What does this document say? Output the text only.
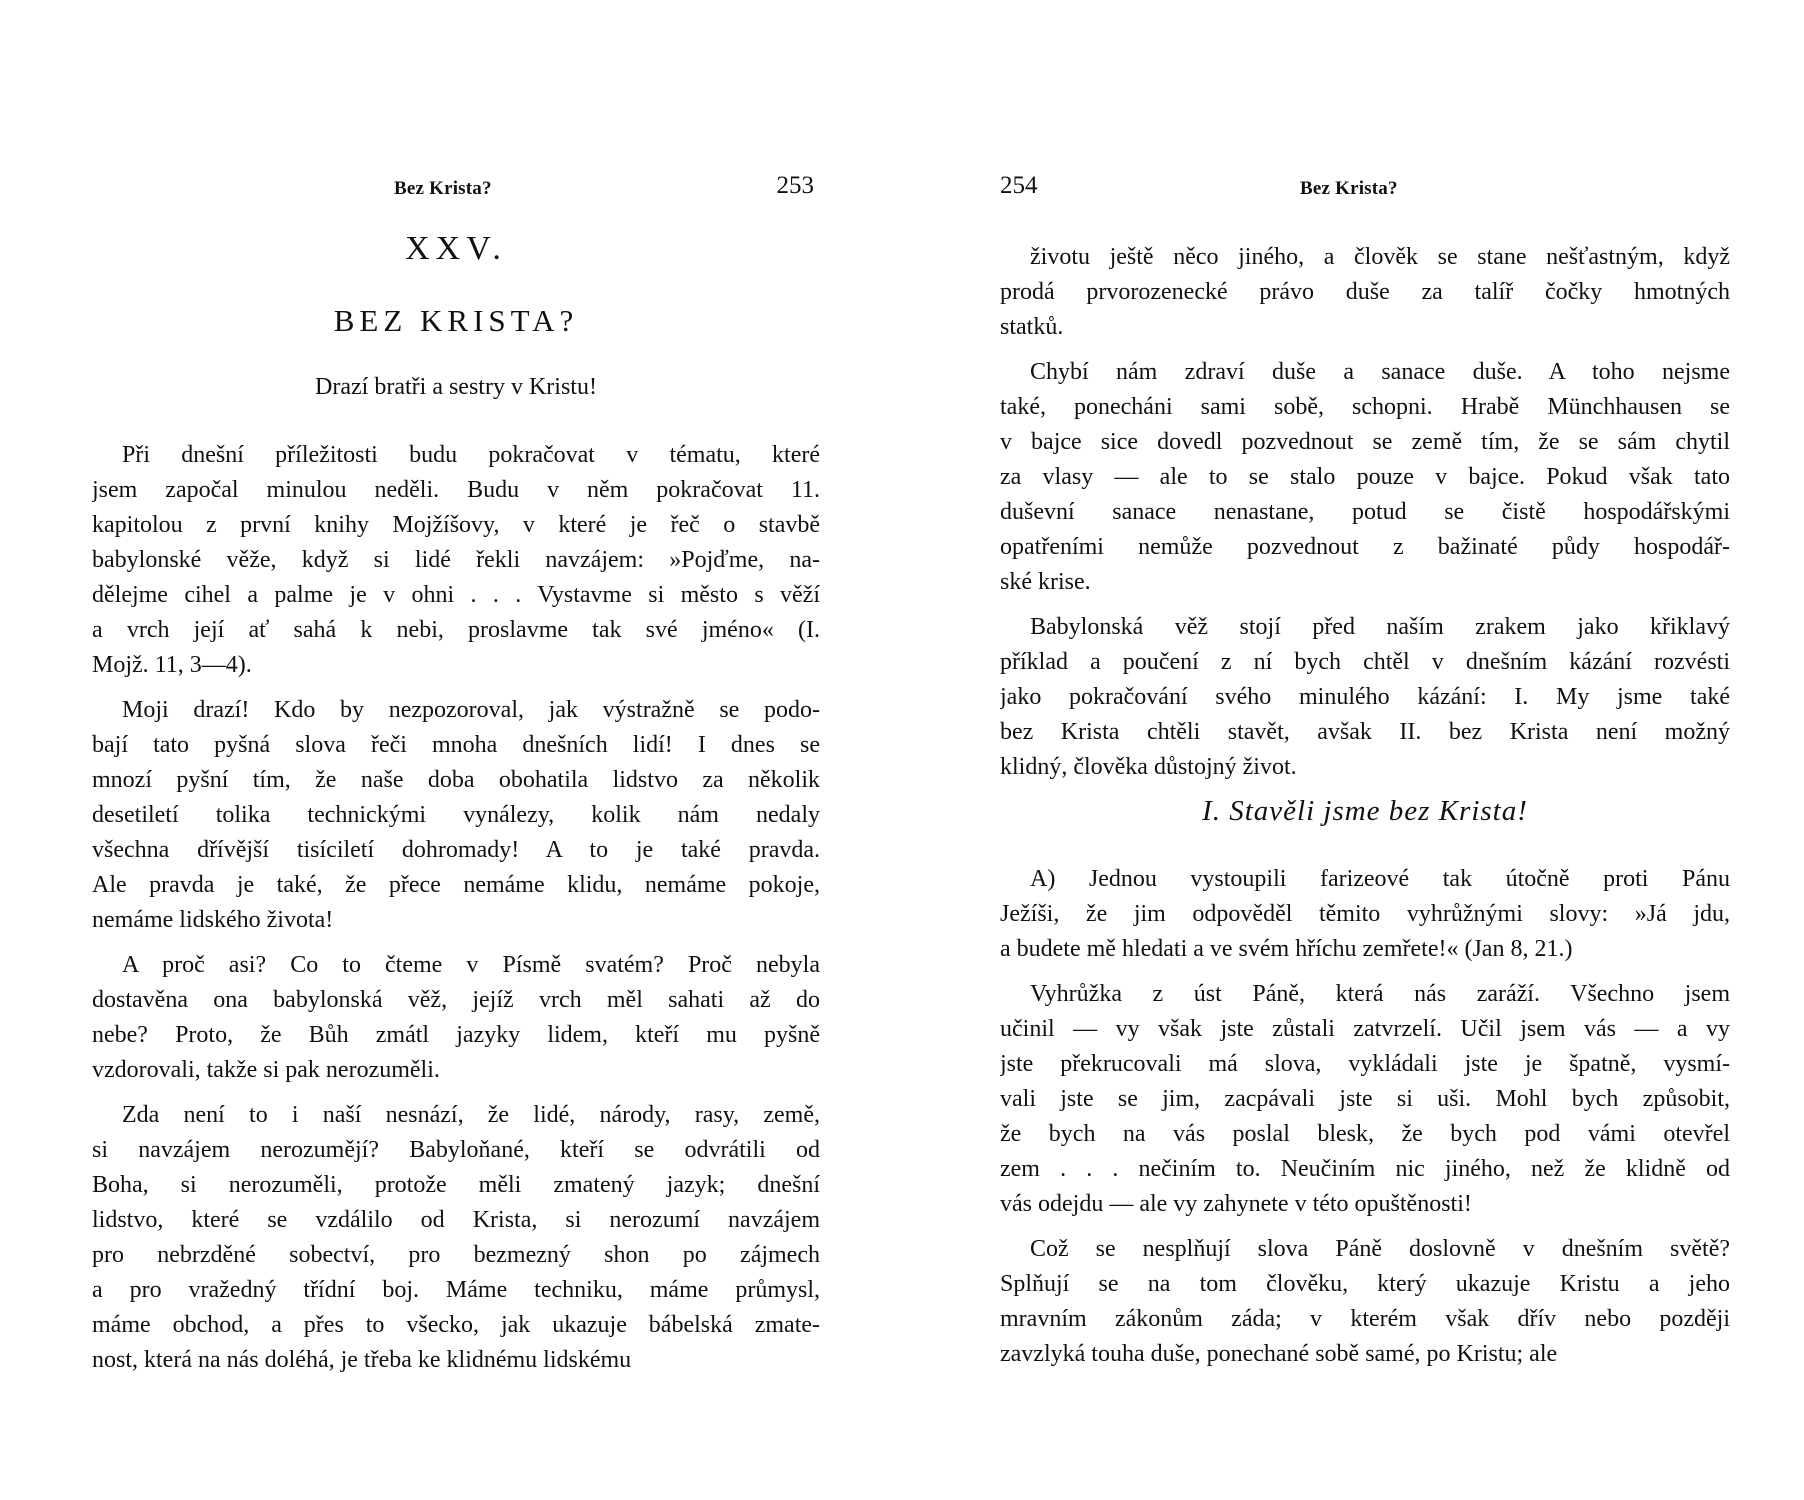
Bez Krista?	253
XXV.
BEZ KRISTA?
Drazí bratři a sestry v Kristu!
Při dnešní příležitosti budu pokračovat v tématu, které
jsem započal minulou neděli. Budu v něm pokračovat 11.
kapitolou z první knihy Mojžíšovy, v které je řeč o stavbě
babylonské věže, když si lidé řekli navzájem: »Pojďme, na-
dělejme cihel a palme je v ohni . . . Vystavme si město s věží
a vrch její ať sahá k nebi, proslavme tak své jméno« (I.
Mojž. 11, 3—4).
Moji drazí! Kdo by nezpozoroval, jak výstražně se podo-
bají tato pyšná slova řeči mnoha dnešních lidí! I dnes se
mnozí pyšní tím, že naše doba obohatila lidstvo za několik
desetiletí tolika technickými vynálezy, kolik nám nedaly
všechna dřívější tisíciletí dohromady! A to je také pravda.
Ale pravda je také, že přece nemáme klidu, nemáme pokoje,
nemáme lidského života!
A proč asi? Co to čteme v Písmě svatém? Proč nebyla
dostavěna ona babylonská věž, jejíž vrch měl sahati až do
nebe? Proto, že Bůh zmátl jazyky lidem, kteří mu pyšně
vzdorovali, takže si pak nerozuměli.
Zda není to i naší nesnází, že lidé, národy, rasy, země,
si navzájem nerozumějí? Babyloňané, kteří se odvrátili od
Boha, si nerozuměli, protože měli zmatený jazyk; dnešní
lidstvo, které se vzdálilo od Krista, si nerozumí navzájem
pro nebrzděné sobectví, pro bezmezný shon po zájmech
a pro vražedný třídní boj. Máme techniku, máme průmysl,
máme obchod, a přes to všecko, jak ukazuje bábelská zmate-
nost, která na nás doléhá, je třeba ke klidnému lidskému
254	Bez Krista?
životu ještě něco jiného, a člověk se stane nešťastným, když
prodá prvorozenecké právo duše za talíř čočky hmotných
statků.
Chybí nám zdraví duše a sanace duše. A toho nejsme
také, ponecháni sami sobě, schopni. Hrabě Münchhausen se
v bajce sice dovedl pozvednout se země tím, že se sám chytil
za vlasy — ale to se stalo pouze v bajce. Pokud však tato
duševní sanace nenastane, potud se čistě hospodářskými
opatřeními nemůže pozvednout z bažinaté půdy hospodář-
ské krise.
Babylonská věž stojí před naším zrakem jako křiklavý
příklad a poučení z ní bych chtěl v dnešním kázání rozvésti
jako pokračování svého minulého kázání: I. My jsme také
bez Krista chtěli stavět, avšak II. bez Krista není možný
klidný, člověka důstojný život.
I. Stavěli jsme bez Krista!
A) Jednou vystoupili farizeové tak útočně proti Pánu
Ježíši, že jim odpověděl těmito vyhrůžnými slovy: »Já jdu,
a budete mě hledati a ve svém hříchu zemřete!« (Jan 8, 21.)
Vyhrůžka z úst Páně, která nás zaráží. Všechno jsem
učinil — vy však jste zůstali zatvrzelí. Učil jsem vás — a vy
jste překrucovali má slova, vykládali jste je špatně, vysmí-
vali jste se jim, zacpávali jste si uši. Mohl bych způsobit,
že bych na vás poslal blesk, že bych pod vámi otevřel
zem . . . nečiním to. Neučiním nic jiného, než že klidně od
vás odejdu — ale vy zahynete v této opuštěnosti!
Což se nesplňují slova Páně doslovně v dnešním světě?
Splňují se na tom člověku, který ukazuje Kristu a jeho
mravním zákonům záda; v kterém však dřív nebo později
zavzlyká touha duše, ponechané sobě samé, po Kristu; ale
